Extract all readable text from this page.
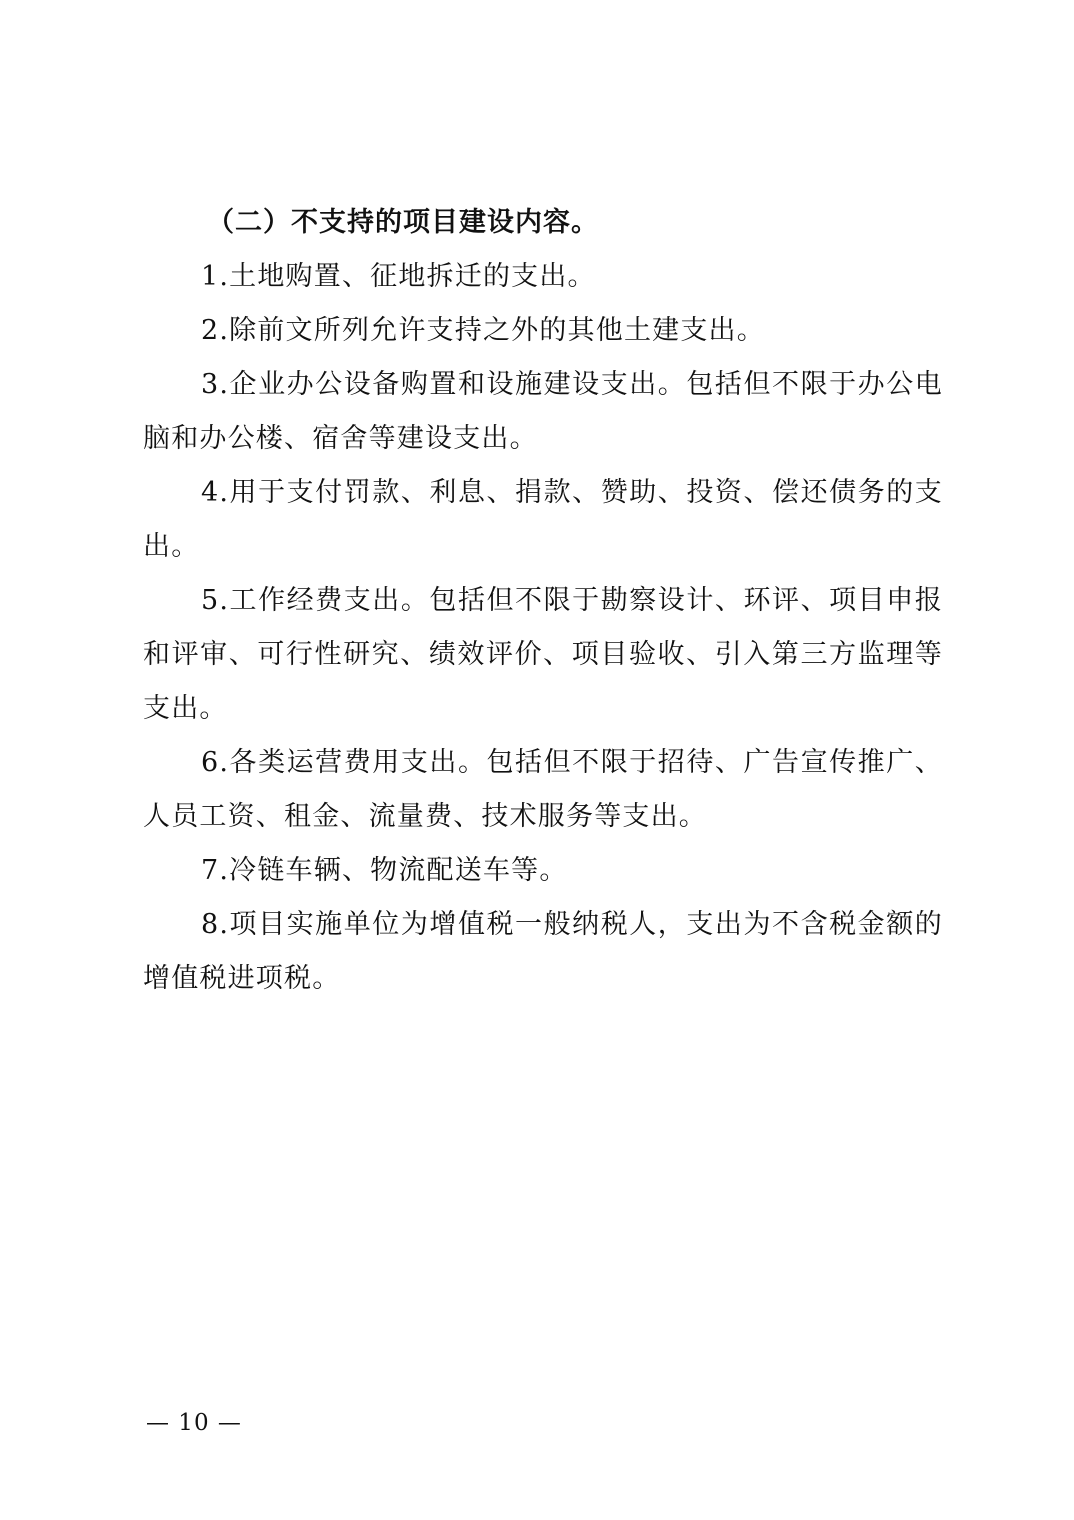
（二）不支持的项目建设内容。

1.土地购置、征地拆迁的支出。

2.除前文所列允许支持之外的其他土建支出。

3.企业办公设备购置和设施建设支出。包括但不限于办公电脑和办公楼、宿舍等建设支出。

4.用于支付罚款、利息、捐款、赞助、投资、偿还债务的支出。

5.工作经费支出。包括但不限于勘察设计、环评、项目申报和评审、可行性研究、绩效评价、项目验收、引入第三方监理等支出。

6.各类运营费用支出。包括但不限于招待、广告宣传推广、人员工资、租金、流量费、技术服务等支出。

7.冷链车辆、物流配送车等。

8.项目实施单位为增值税一般纳税人，支出为不含税金额的增值税进项税。

— 10 —
